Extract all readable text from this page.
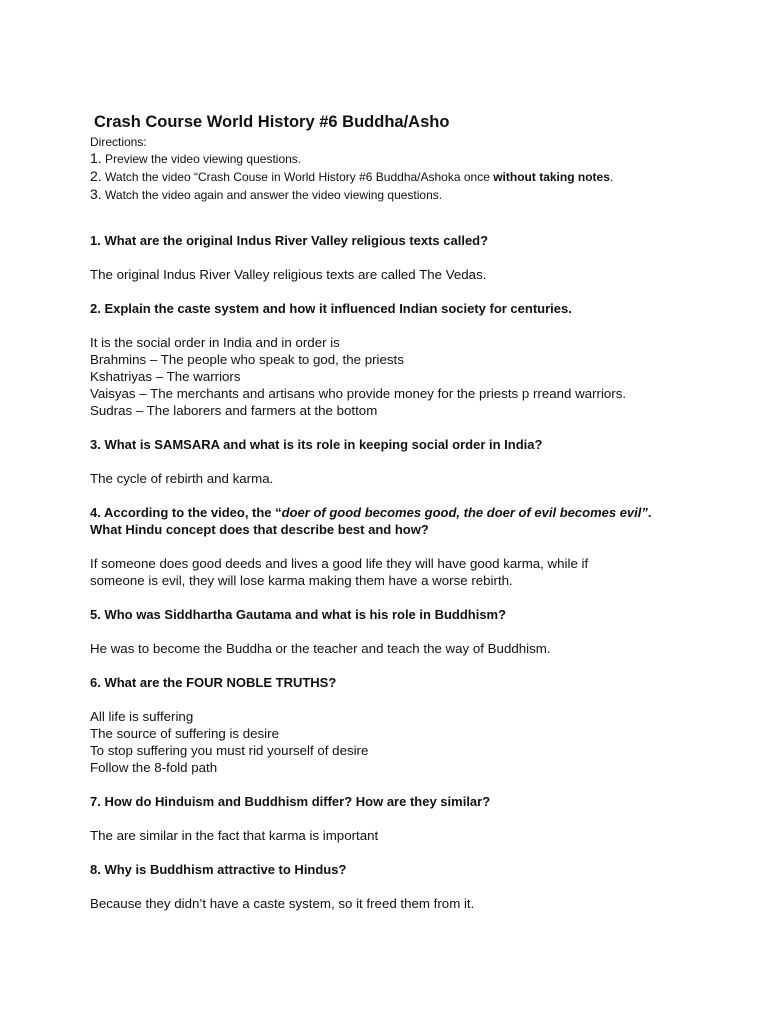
Crash Course World History #6 Buddha/Asho
Directions:
1. Preview the video viewing questions.
2. Watch the video “Crash Couse in World History #6 Buddha/Ashoka once without taking notes.
3. Watch the video again and answer the video viewing questions.

1. What are the original Indus River Valley religious texts called?

The original Indus River Valley religious texts are called The Vedas.

2. Explain the caste system and how it influenced Indian society for centuries.

It is the social order in India and in order is
Brahmins – The people who speak to god, the priests
Kshatriyas – The warriors
Vaisyas – The merchants and artisans who provide money for the priests p rreand warriors.
Sudras – The laborers and farmers at the bottom

3. What is SAMSARA and what is its role in keeping social order in India?

The cycle of rebirth and karma.

4. According to the video, the “doer of good becomes good, the doer of evil becomes evil”.

What Hindu concept does that describe best and how?

If someone does good deeds and lives a good life they will have good karma, while if
someone is evil, they will lose karma making them have a worse rebirth.

5. Who was Siddhartha Gautama and what is his role in Buddhism?

He was to become the Buddha or the teacher and teach the way of Buddhism.

6. What are the FOUR NOBLE TRUTHS?

All life is suffering
The source of suffering is desire
To stop suffering you must rid yourself of desire
Follow the 8-fold path

7. How do Hinduism and Buddhism differ? How are they similar?

The are similar in the fact that karma is important

8. Why is Buddhism attractive to Hindus?

Because they didn’t have a caste system, so it freed them from it.
